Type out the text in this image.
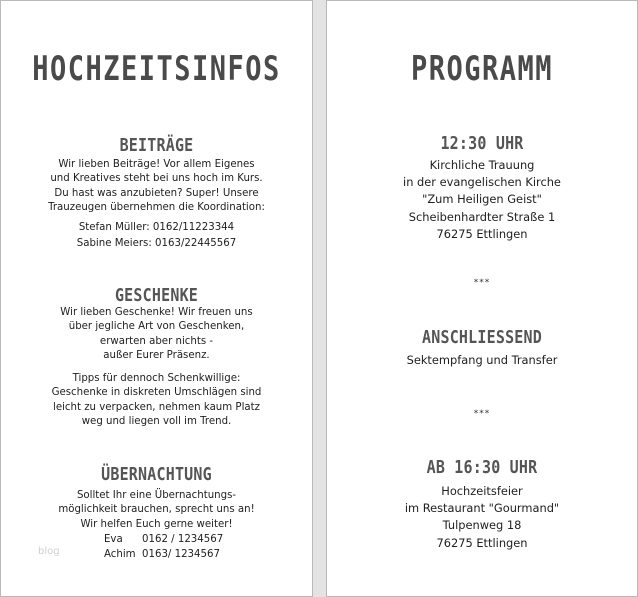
HOCHZEITSINFOS
BEITRÄGE
Wir lieben Beiträge! Vor allem Eigenes
und Kreatives steht bei uns hoch im Kurs.
Du hast was anzubieten? Super! Unsere
Trauzeugen übernehmen die Koordination:
Stefan Müller: 0162/11223344
Sabine Meiers: 0163/22445567
GESCHENKE
Wir lieben Geschenke! Wir freuen uns
über jegliche Art von Geschenken,
erwarten aber nichts -
außer Eurer Präsenz.
Tipps für dennoch Schenkwillige:
Geschenke in diskreten Umschlägen sind
leicht zu verpacken, nehmen kaum Platz
weg und liegen voll im Trend.
ÜBERNACHTUNG
Solltet Ihr eine Übernachtungs-
möglichkeit brauchen, sprecht uns an!
Wir helfen Euch gerne weiter!
Eva 0162 / 1234567
Achim 0163/ 1234567
blog
PROGRAMM
12:30 UHR
Kirchliche Trauung
in der evangelischen Kirche
"Zum Heiligen Geist"
Scheibenhardter Straße 1
76275 Ettlingen
***
ANSCHLIESSEND
Sektempfang und Transfer
***
AB 16:30 UHR
Hochzeitsfeier
im Restaurant "Gourmand"
Tulpenweg 18
76275 Ettlingen
